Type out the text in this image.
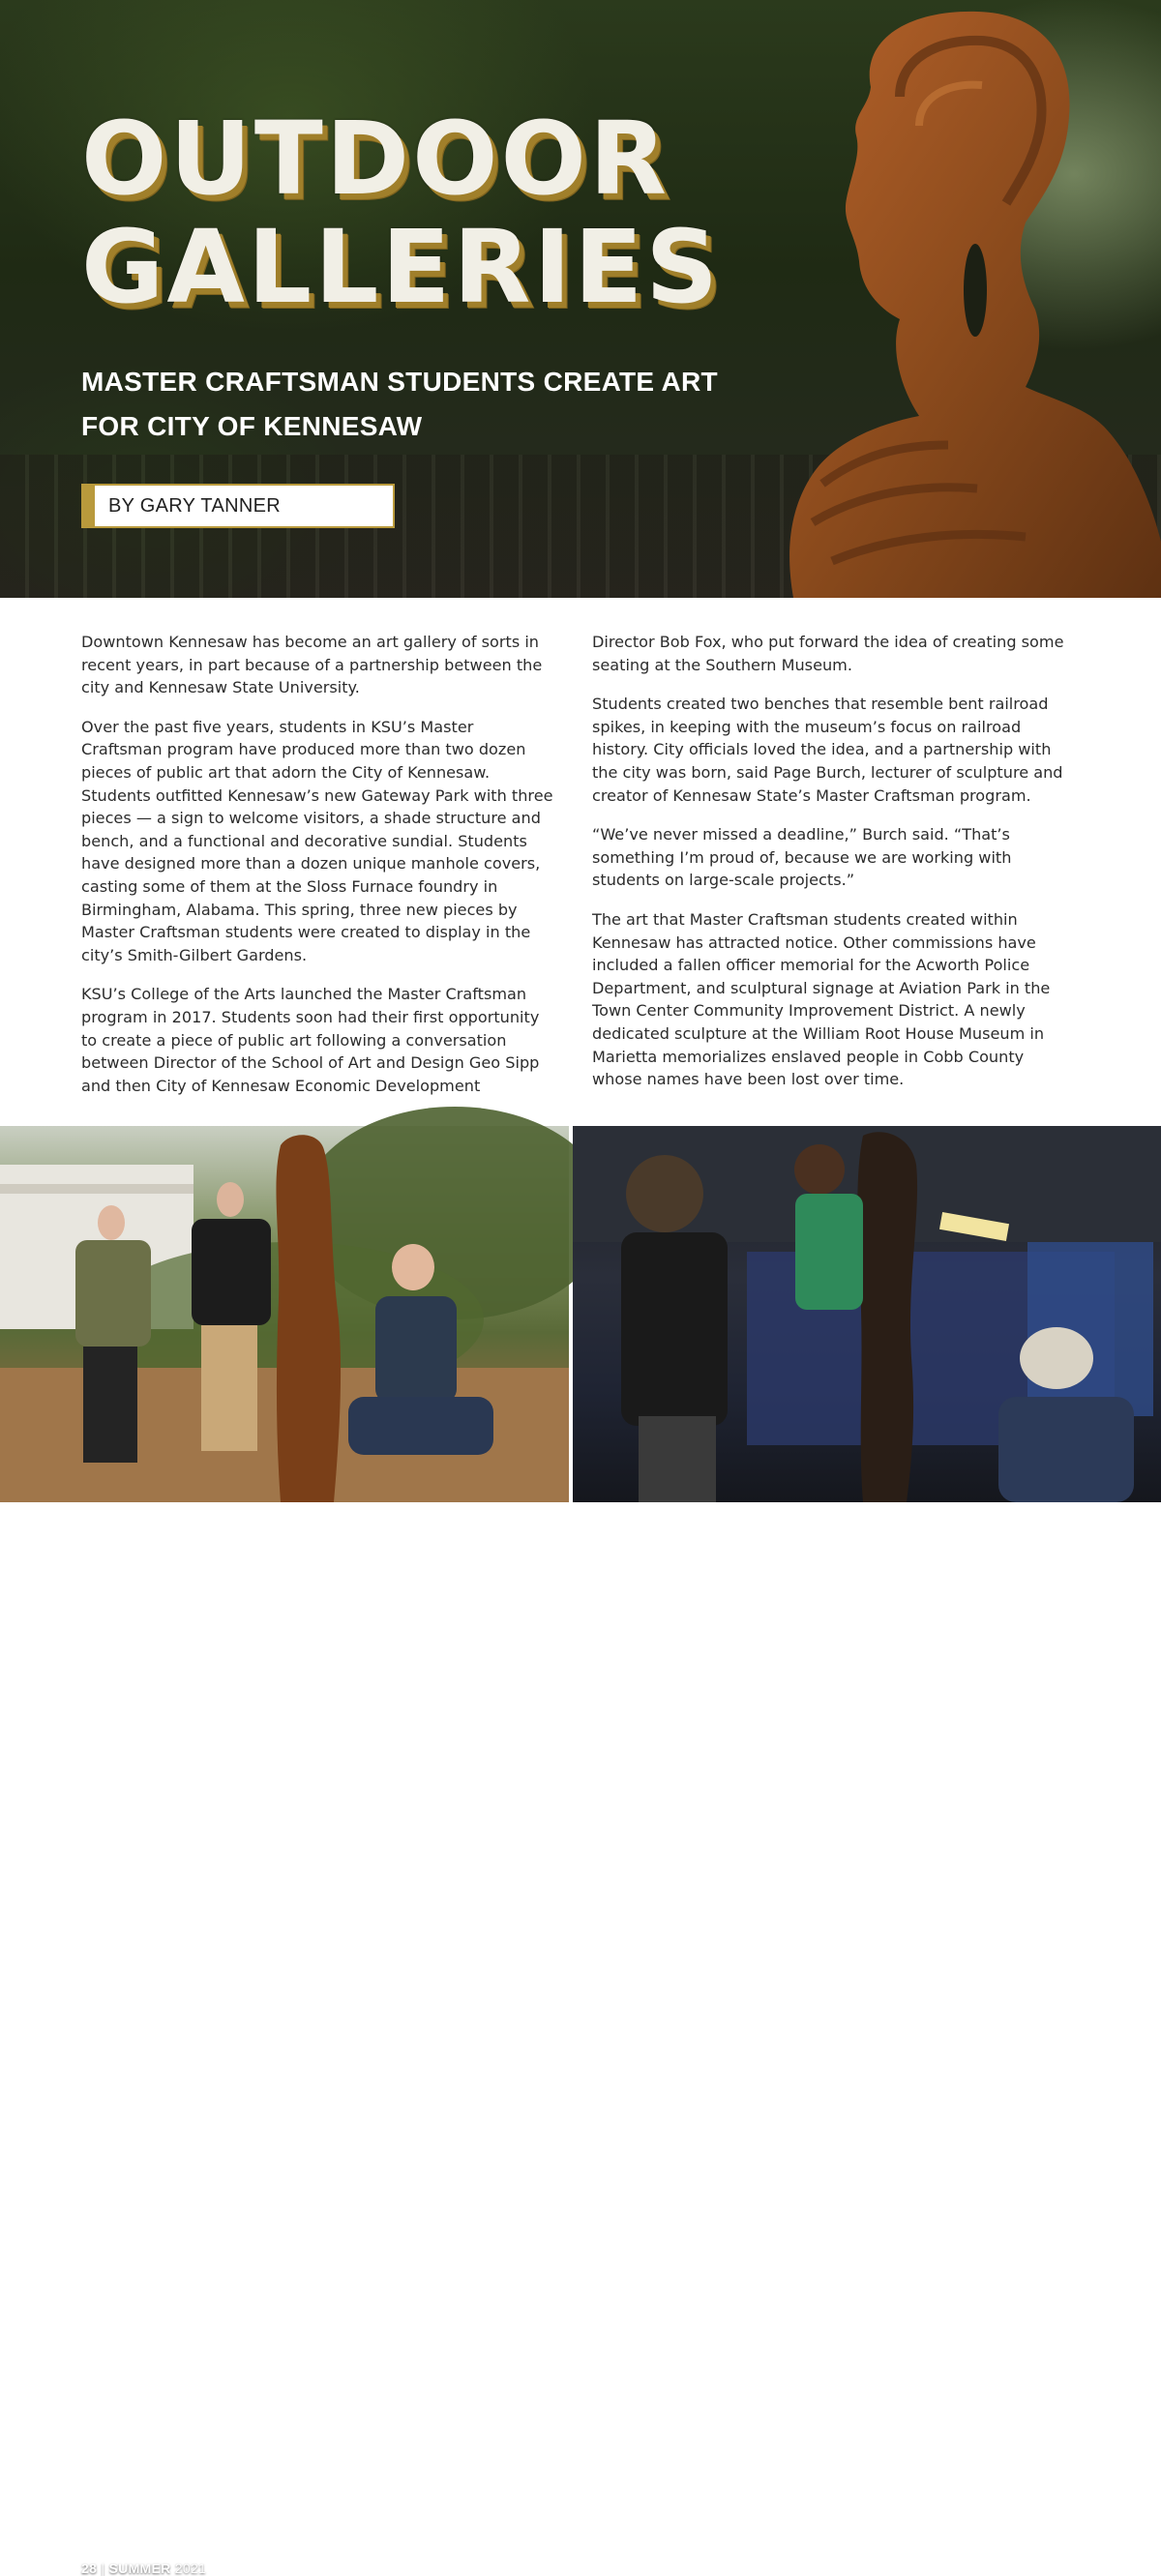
OUTDOOR
GALLERIES
MASTER CRAFTSMAN STUDENTS CREATE ART FOR CITY OF KENNESAW
BY GARY TANNER

Downtown Kennesaw has become an art gallery of sorts in recent years, in part because of a partnership between the city and Kennesaw State University.

Over the past five years, students in KSU’s Master Craftsman program have produced more than two dozen pieces of public art that adorn the City of Kennesaw. Students outfitted Kennesaw’s new Gateway Park with three pieces — a sign to welcome visitors, a shade structure and bench, and a functional and decorative sundial. Students have designed more than a dozen unique manhole covers, casting some of them at the Sloss Furnace foundry in Birmingham, Alabama. This spring, three new pieces by Master Craftsman students were created to display in the city’s Smith-Gilbert Gardens.

KSU’s College of the Arts launched the Master Craftsman program in 2017. Students soon had their first opportunity to create a piece of public art following a conversation between Director of the School of Art and Design Geo Sipp and then City of Kennesaw Economic Development

Director Bob Fox, who put forward the idea of creating some seating at the Southern Museum.

Students created two benches that resemble bent railroad spikes, in keeping with the museum’s focus on railroad history. City officials loved the idea, and a partnership with the city was born, said Page Burch, lecturer of sculpture and creator of Kennesaw State’s Master Craftsman program.

“We’ve never missed a deadline,” Burch said. “That’s something I’m proud of, because we are working with students on large-scale projects.”

The art that Master Craftsman students created within Kennesaw has attracted notice. Other commissions have included a fallen officer memorial for the Acworth Police Department, and sculptural signage at Aviation Park in the Town Center Community Improvement District. A newly dedicated sculpture at the William Root House Museum in Marietta memorializes enslaved people in Cobb County whose names have been lost over time.

28 | SUMMER 2021
